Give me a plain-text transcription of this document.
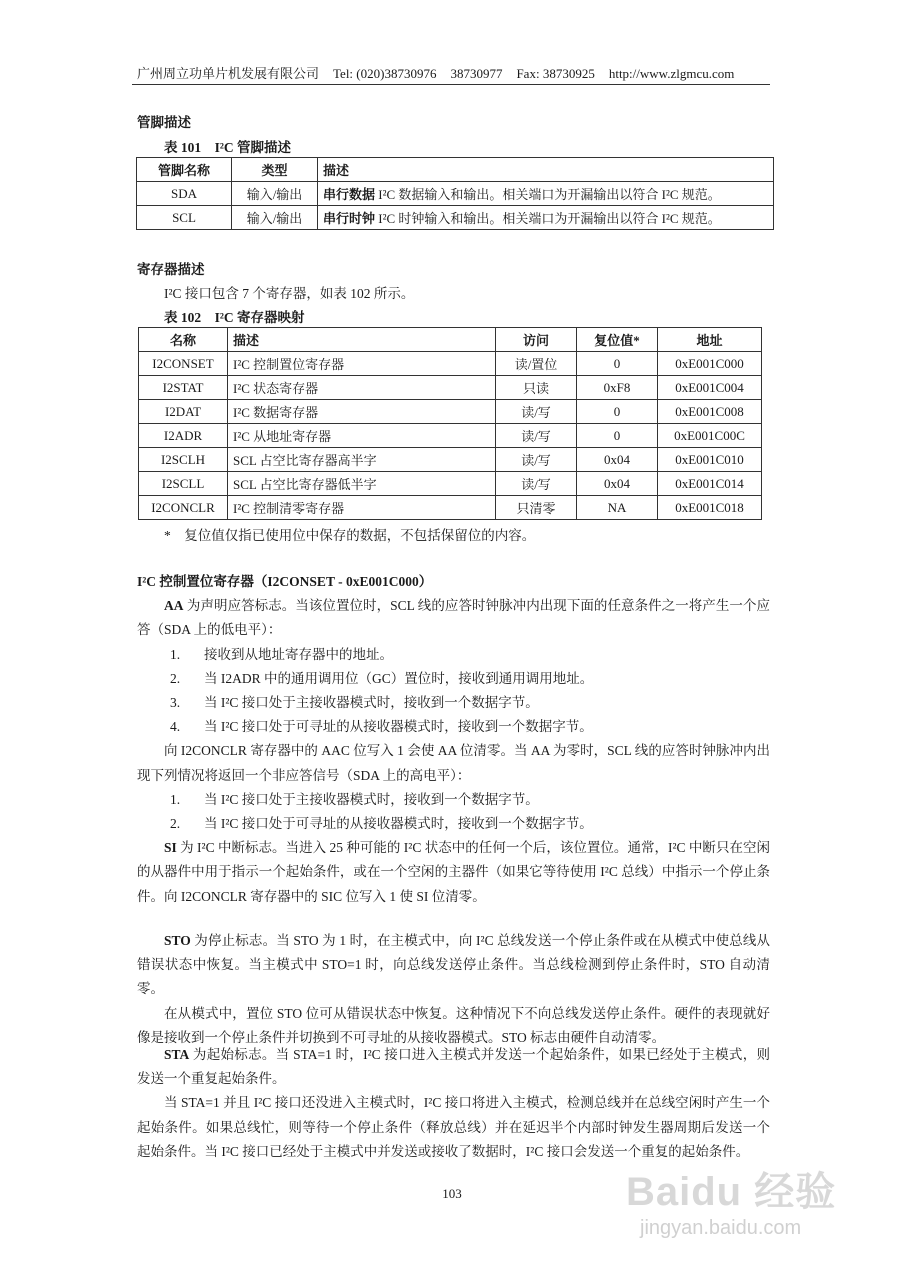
广州周立功单片机发展有限公司 Tel: (020)38730976 38730977 Fax: 38730925 http://www.zlgmcu.com
管脚描述
表 101　I²C 管脚描述
管脚名称	类型	描述
SDA	输入/输出	串行数据 I²C 数据输入和输出。相关端口为开漏输出以符合 I²C 规范。
SCL	输入/输出	串行时钟 I²C 时钟输入和输出。相关端口为开漏输出以符合 I²C 规范。
寄存器描述
I²C 接口包含 7 个寄存器，如表 102 所示。
表 102　I²C 寄存器映射
名称	描述	访问	复位值*	地址
I2CONSET	I²C 控制置位寄存器	读/置位	0	0xE001C000
I2STAT	I²C 状态寄存器	只读	0xF8	0xE001C004
I2DAT	I²C 数据寄存器	读/写	0	0xE001C008
I2ADR	I²C 从地址寄存器	读/写	0	0xE001C00C
I2SCLH	SCL 占空比寄存器高半字	读/写	0x04	0xE001C010
I2SCLL	SCL 占空比寄存器低半字	读/写	0x04	0xE001C014
I2CONCLR	I²C 控制清零寄存器	只清零	NA	0xE001C018
*　复位值仅指已使用位中保存的数据，不包括保留位的内容。
I²C 控制置位寄存器（I2CONSET - 0xE001C000）

AA 为声明应答标志。当该位置位时，SCL 线的应答时钟脉冲内出现下面的任意条件之一将产生一个应答（SDA 上的低电平）：

1. 接收到从地址寄存器中的地址。
2. 当 I2ADR 中的通用调用位（GC）置位时，接收到通用调用地址。
3. 当 I²C 接口处于主接收器模式时，接收到一个数据字节。
4. 当 I²C 接口处于可寻址的从接收器模式时，接收到一个数据字节。

向 I2CONCLR 寄存器中的 AAC 位写入 1 会使 AA 位清零。当 AA 为零时，SCL 线的应答时钟脉冲内出现下列情况将返回一个非应答信号（SDA 上的高电平）：

1. 当 I²C 接口处于主接收器模式时，接收到一个数据字节。
2. 当 I²C 接口处于可寻址的从接收器模式时，接收到一个数据字节。

SI 为 I²C 中断标志。当进入 25 种可能的 I²C 状态中的任何一个后，该位置位。通常，I²C 中断只在空闲的从器件中用于指示一个起始条件，或在一个空闲的主器件（如果它等待使用 I²C 总线）中指示一个停止条件。向 I2CONCLR 寄存器中的 SIC 位写入 1 使 SI 位清零。

STO 为停止标志。当 STO 为 1 时，在主模式中，向 I²C 总线发送一个停止条件或在从模式中使总线从错误状态中恢复。当主模式中 STO=1 时，向总线发送停止条件。当总线检测到停止条件时，STO 自动清零。

在从模式中，置位 STO 位可从错误状态中恢复。这种情况下不向总线发送停止条件。硬件的表现就好像是接收到一个停止条件并切换到不可寻址的从接收器模式。STO 标志由硬件自动清零。

STA 为起始标志。当 STA=1 时，I²C 接口进入主模式并发送一个起始条件，如果已经处于主模式，则发送一个重复起始条件。

当 STA=1 并且 I²C 接口还没进入主模式时，I²C 接口将进入主模式，检测总线并在总线空闲时产生一个起始条件。如果总线忙，则等待一个停止条件（释放总线）并在延迟半个内部时钟发生器周期后发送一个起始条件。当 I²C 接口已经处于主模式中并发送或接收了数据时，I²C 接口会发送一个重复的起始条件。

103	Baidu 经验
jingyan.baidu.com
